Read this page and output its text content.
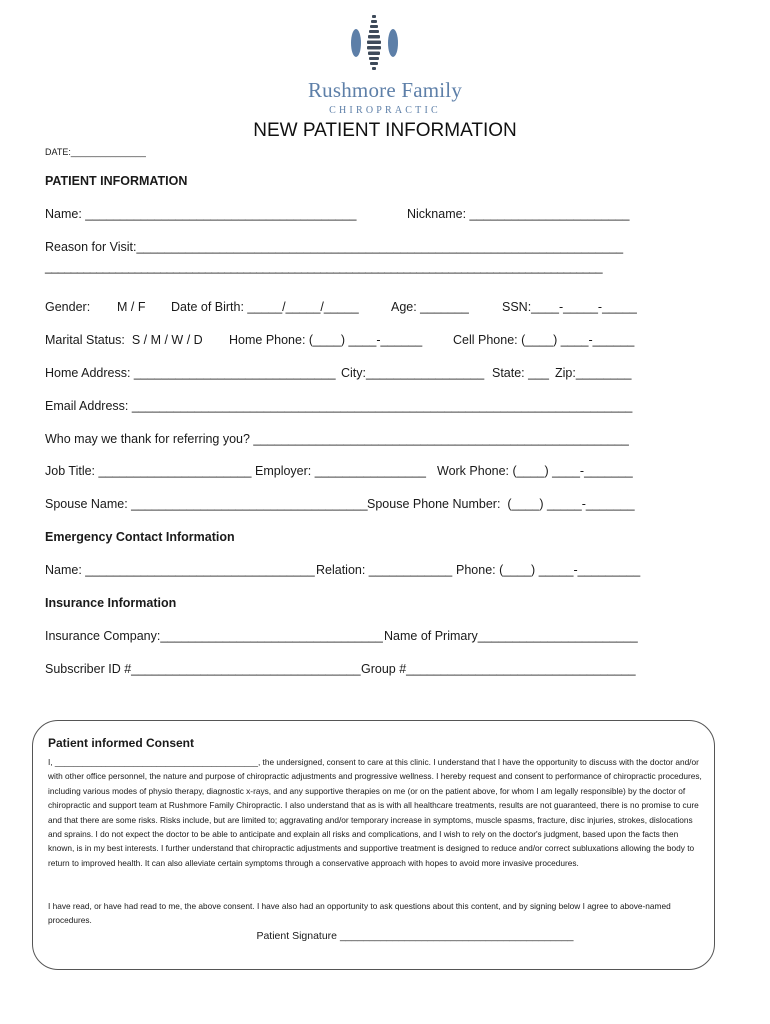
Rushmore Family
CHIROPRACTIC
NEW PATIENT INFORMATION
DATE:_______________
PATIENT INFORMATION
Name: _______________________________________	Nickname: _______________________
Reason for Visit:______________________________________________________________________
_______________________________________________________________________________________
Gender: M / F Date of Birth: _____/_____/_____	Age: _______	SSN:____-_____-_____
Marital Status:  S / M / W / D Home Phone: (____) ____-______ Cell Phone: (____) ____-______
Home Address: _____________________________ City:_________________ State: ___ Zip:________
Email Address: ________________________________________________________________________
Who may we thank for referring you? ______________________________________________________
Job Title: ______________________ Employer: ________________ Work Phone: (____) ____-_______
Spouse Name: __________________________________ Spouse Phone Number:  (____) _____-_______
Emergency Contact Information
Name: _________________________________ Relation: ____________ Phone: (____) _____-_________
Insurance Information
Insurance Company:________________________________ Name of Primary_______________________
Subscriber ID #_________________________________ Group #_________________________________
Patient informed Consent

I, ____________________________________________, the undersigned, consent to care at this clinic. I understand that I have the opportunity to discuss with the doctor and/or with other office personnel, the nature and purpose of chiropractic adjustments and progressive wellness. I hereby request and consent to performance of chiropractic procedures, including various modes of physio therapy, diagnostic x-rays, and any supportive therapies on me (or on the patient above, for whom I am legally responsible) by the doctor of chiropractic and support team at Rushmore Family Chiropractic. I also understand that as is with all healthcare treatments, results are not guaranteed, there is no promise to cure and that there are some risks. Risks include, but are limited to; aggravating and/or temporary increase in symptoms, muscle spasms, fracture, disc injuries, strokes, dislocations and sprains. I do not expect the doctor to be able to anticipate and explain all risks and complications, and I wish to rely on the doctor's judgment, based upon the facts then known, is in my best interests. I further understand that chiropractic adjustments and supportive treatment is designed to reduce and/or correct subluxations allowing the body to return to improved health. It can also alleviate certain symptoms through a conservative approach with hopes to avoid more invasive procedures.

I have read, or have had read to me, the above consent. I have also had an opportunity to ask questions about this content, and by signing below I agree to above-named procedures.

Patient Signature ________________________________________
